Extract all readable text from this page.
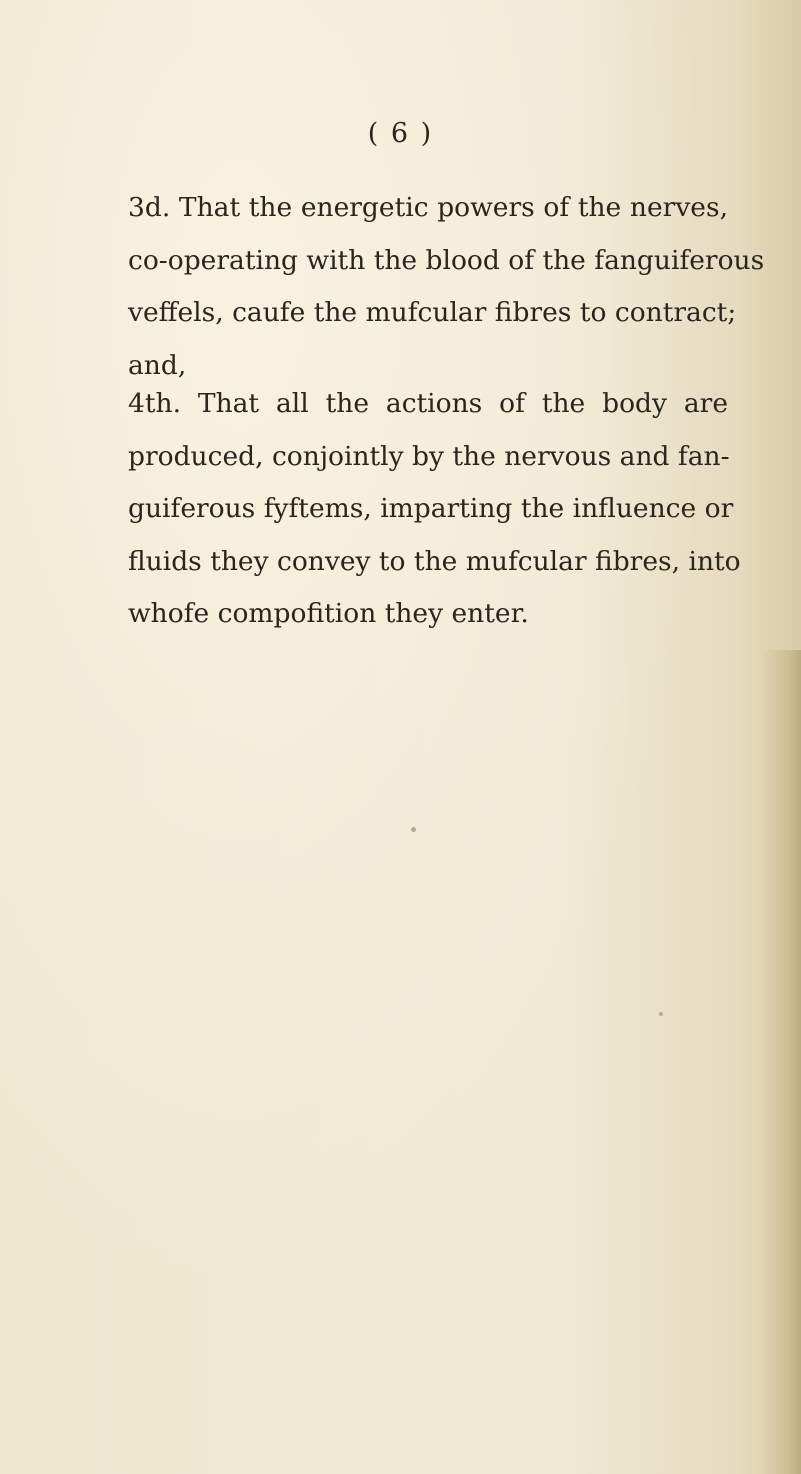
( 6 )
3d. That the energetic powers of the nerves,
co-operating with the blood of the fanguiferous
veffels, caufe the mufcular fibres to contract;
and,
4th. That all the actions of the body are
produced, conjointly by the nervous and fan-
guiferous fyftems, imparting the influence or
fluids they convey to the mufcular fibres, into
whofe compofition they enter.
